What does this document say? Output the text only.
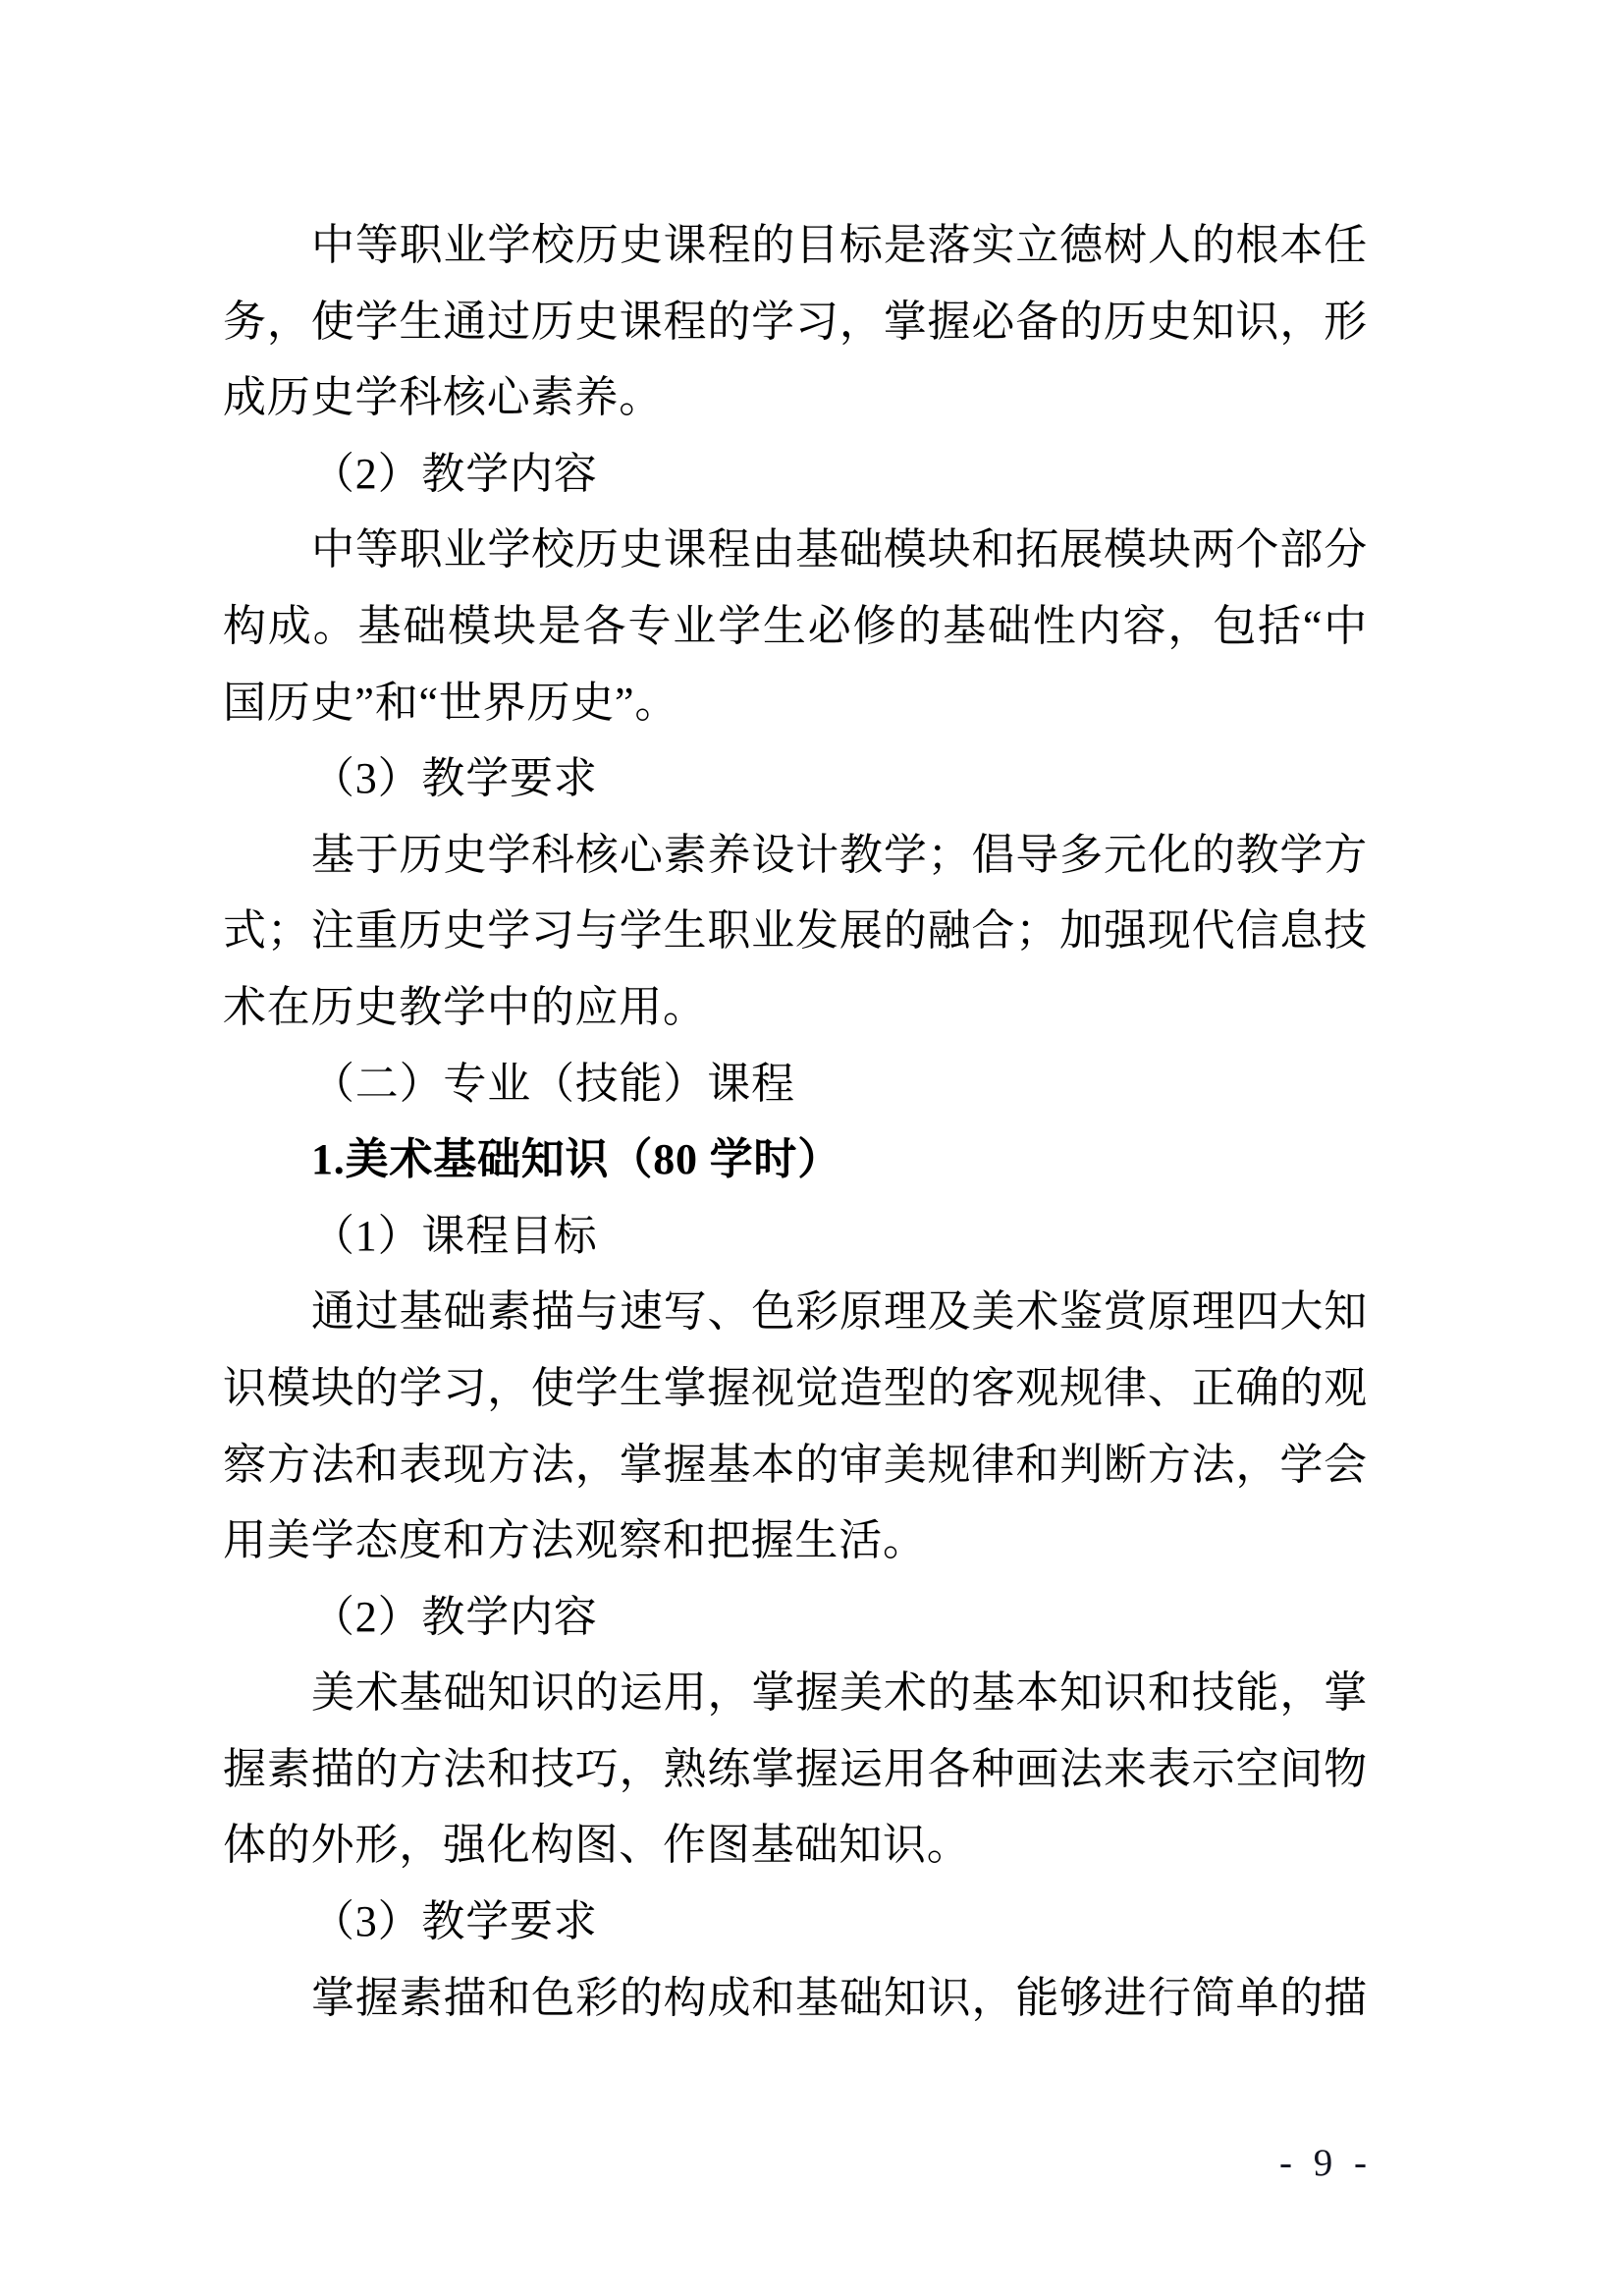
中等职业学校历史课程的目标是落实立德树人的根本任
务，使学生通过历史课程的学习，掌握必备的历史知识，形
成历史学科核心素养。
（2）教学内容
中等职业学校历史课程由基础模块和拓展模块两个部分
构成。基础模块是各专业学生必修的基础性内容，包括“中
国历史”和“世界历史”。
（3）教学要求
基于历史学科核心素养设计教学；倡导多元化的教学方
式；注重历史学习与学生职业发展的融合；加强现代信息技
术在历史教学中的应用。
（二）专业（技能）课程
1.美术基础知识（80 学时）
（1）课程目标
通过基础素描与速写、色彩原理及美术鉴赏原理四大知
识模块的学习，使学生掌握视觉造型的客观规律、正确的观
察方法和表现方法，掌握基本的审美规律和判断方法，学会
用美学态度和方法观察和把握生活。
（2）教学内容
美术基础知识的运用，掌握美术的基本知识和技能，掌
握素描的方法和技巧，熟练掌握运用各种画法来表示空间物
体的外形，强化构图、作图基础知识。
（3）教学要求
掌握素描和色彩的构成和基础知识，能够进行简单的描
- 9 -
